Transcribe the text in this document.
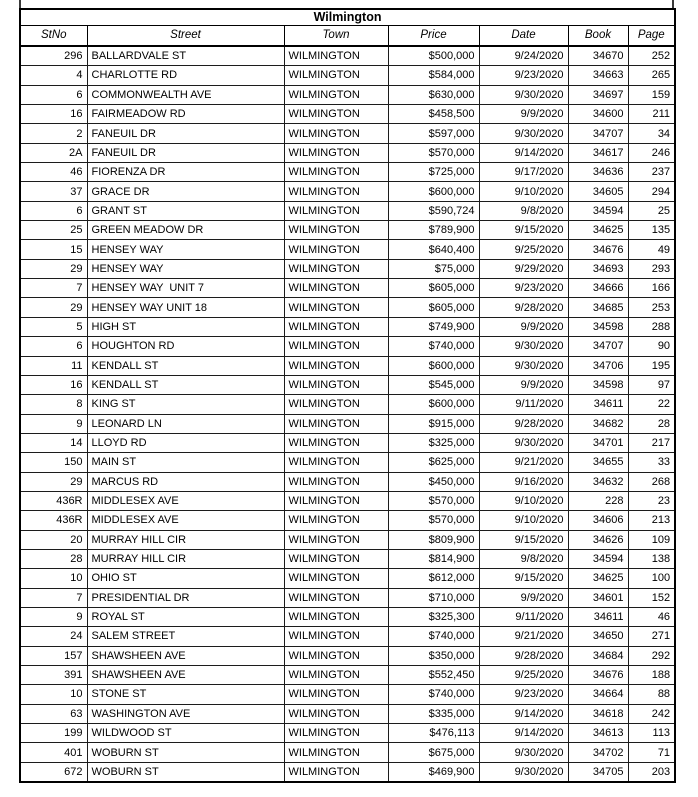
Wilmington						
StNo	Street	Town	Price	Date	Book	Page
296	BALLARDVALE ST	WILMINGTON	$500,000	9/24/2020	34670	252
4	CHARLOTTE RD	WILMINGTON	$584,000	9/23/2020	34663	265
6	COMMONWEALTH AVE	WILMINGTON	$630,000	9/30/2020	34697	159
16	FAIRMEADOW RD	WILMINGTON	$458,500	9/9/2020	34600	211
2	FANEUIL DR	WILMINGTON	$597,000	9/30/2020	34707	34
2A	FANEUIL DR	WILMINGTON	$570,000	9/14/2020	34617	246
46	FIORENZA DR	WILMINGTON	$725,000	9/17/2020	34636	237
37	GRACE DR	WILMINGTON	$600,000	9/10/2020	34605	294
6	GRANT ST	WILMINGTON	$590,724	9/8/2020	34594	25
25	GREEN MEADOW DR	WILMINGTON	$789,900	9/15/2020	34625	135
15	HENSEY WAY	WILMINGTON	$640,400	9/25/2020	34676	49
29	HENSEY WAY	WILMINGTON	$75,000	9/29/2020	34693	293
7	HENSEY WAY  UNIT 7	WILMINGTON	$605,000	9/23/2020	34666	166
29	HENSEY WAY UNIT 18	WILMINGTON	$605,000	9/28/2020	34685	253
5	HIGH ST	WILMINGTON	$749,900	9/9/2020	34598	288
6	HOUGHTON RD	WILMINGTON	$740,000	9/30/2020	34707	90
11	KENDALL ST	WILMINGTON	$600,000	9/30/2020	34706	195
16	KENDALL ST	WILMINGTON	$545,000	9/9/2020	34598	97
8	KING ST	WILMINGTON	$600,000	9/11/2020	34611	22
9	LEONARD LN	WILMINGTON	$915,000	9/28/2020	34682	28
14	LLOYD RD	WILMINGTON	$325,000	9/30/2020	34701	217
150	MAIN ST	WILMINGTON	$625,000	9/21/2020	34655	33
29	MARCUS RD	WILMINGTON	$450,000	9/16/2020	34632	268
436R	MIDDLESEX AVE	WILMINGTON	$570,000	9/10/2020	228	23
436R	MIDDLESEX AVE	WILMINGTON	$570,000	9/10/2020	34606	213
20	MURRAY HILL CIR	WILMINGTON	$809,900	9/15/2020	34626	109
28	MURRAY HILL CIR	WILMINGTON	$814,900	9/8/2020	34594	138
10	OHIO ST	WILMINGTON	$612,000	9/15/2020	34625	100
7	PRESIDENTIAL DR	WILMINGTON	$710,000	9/9/2020	34601	152
9	ROYAL ST	WILMINGTON	$325,300	9/11/2020	34611	46
24	SALEM STREET	WILMINGTON	$740,000	9/21/2020	34650	271
157	SHAWSHEEN AVE	WILMINGTON	$350,000	9/28/2020	34684	292
391	SHAWSHEEN AVE	WILMINGTON	$552,450	9/25/2020	34676	188
10	STONE ST	WILMINGTON	$740,000	9/23/2020	34664	88
63	WASHINGTON AVE	WILMINGTON	$335,000	9/14/2020	34618	242
199	WILDWOOD ST	WILMINGTON	$476,113	9/14/2020	34613	113
401	WOBURN ST	WILMINGTON	$675,000	9/30/2020	34702	71
672	WOBURN ST	WILMINGTON	$469,900	9/30/2020	34705	203
